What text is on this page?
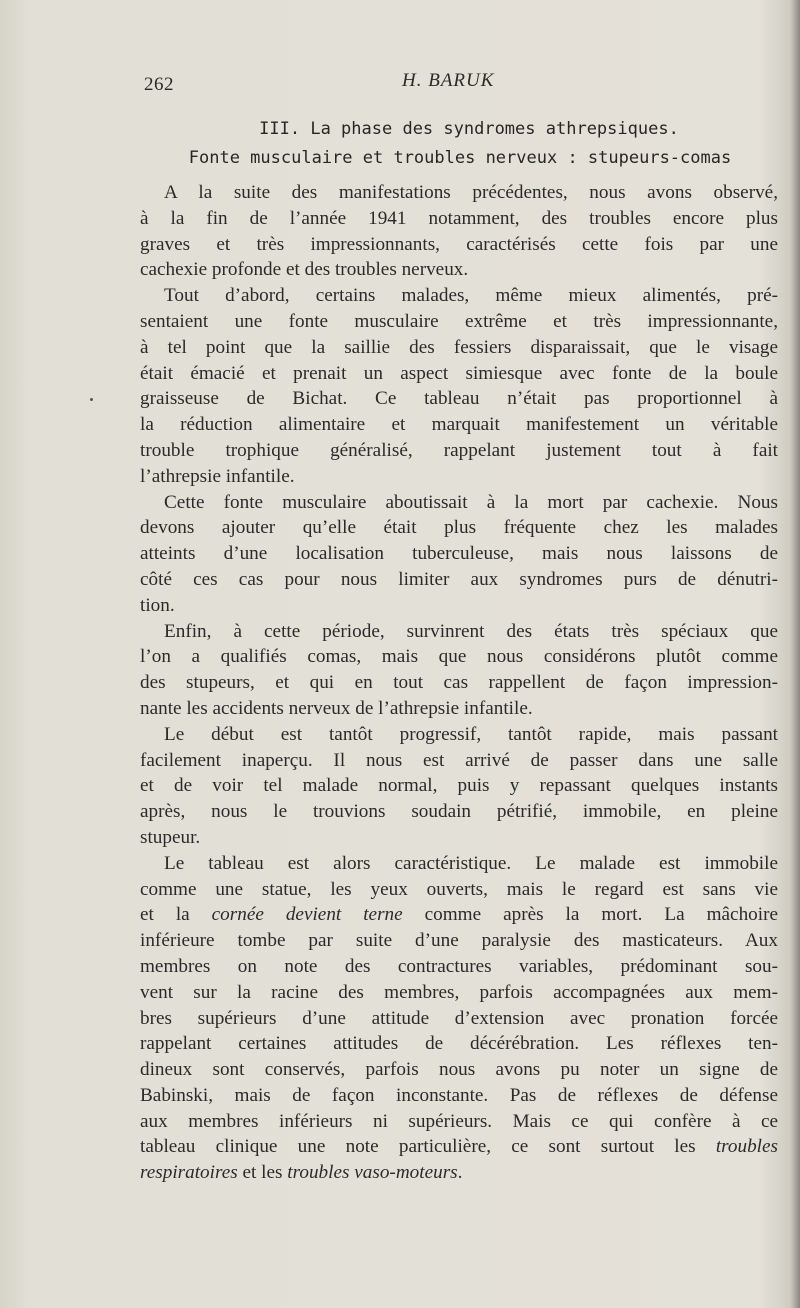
262	H. BARUK
III. La phase des syndromes athrepsiques.
Fonte musculaire et troubles nerveux : stupeurs-comas
A la suite des manifestations précédentes, nous avons observé,
à la fin de l’année 1941 notamment, des troubles encore plus
graves et très impressionnants, caractérisés cette fois par une
cachexie profonde et des troubles nerveux.
Tout d’abord, certains malades, même mieux alimentés, pré-
sentaient une fonte musculaire extrême et très impressionnante,
à tel point que la saillie des fessiers disparaissait, que le visage
était émacié et prenait un aspect simiesque avec fonte de la boule
graisseuse de Bichat. Ce tableau n’était pas proportionnel à
la réduction alimentaire et marquait manifestement un véritable
trouble trophique généralisé, rappelant justement tout à fait
l’athrepsie infantile.
Cette fonte musculaire aboutissait à la mort par cachexie. Nous
devons ajouter qu’elle était plus fréquente chez les malades
atteints d’une localisation tuberculeuse, mais nous laissons de
côté ces cas pour nous limiter aux syndromes purs de dénutri-
tion.
Enfin, à cette période, survinrent des états très spéciaux que
l’on a qualifiés comas, mais que nous considérons plutôt comme
des stupeurs, et qui en tout cas rappellent de façon impression-
nante les accidents nerveux de l’athrepsie infantile.
Le début est tantôt progressif, tantôt rapide, mais passant
facilement inaperçu. Il nous est arrivé de passer dans une salle
et de voir tel malade normal, puis y repassant quelques instants
après, nous le trouvions soudain pétrifié, immobile, en pleine
stupeur.
Le tableau est alors caractéristique. Le malade est immobile
comme une statue, les yeux ouverts, mais le regard est sans vie
et la cornée devient terne comme après la mort. La mâchoire
inférieure tombe par suite d’une paralysie des masticateurs. Aux
membres on note des contractures variables, prédominant sou-
vent sur la racine des membres, parfois accompagnées aux mem-
bres supérieurs d’une attitude d’extension avec pronation forcée
rappelant certaines attitudes de décérébration. Les réflexes ten-
dineux sont conservés, parfois nous avons pu noter un signe de
Babinski, mais de façon inconstante. Pas de réflexes de défense
aux membres inférieurs ni supérieurs. Mais ce qui confère à ce
tableau clinique une note particulière, ce sont surtout les troubles
respiratoires et les troubles vaso-moteurs.
